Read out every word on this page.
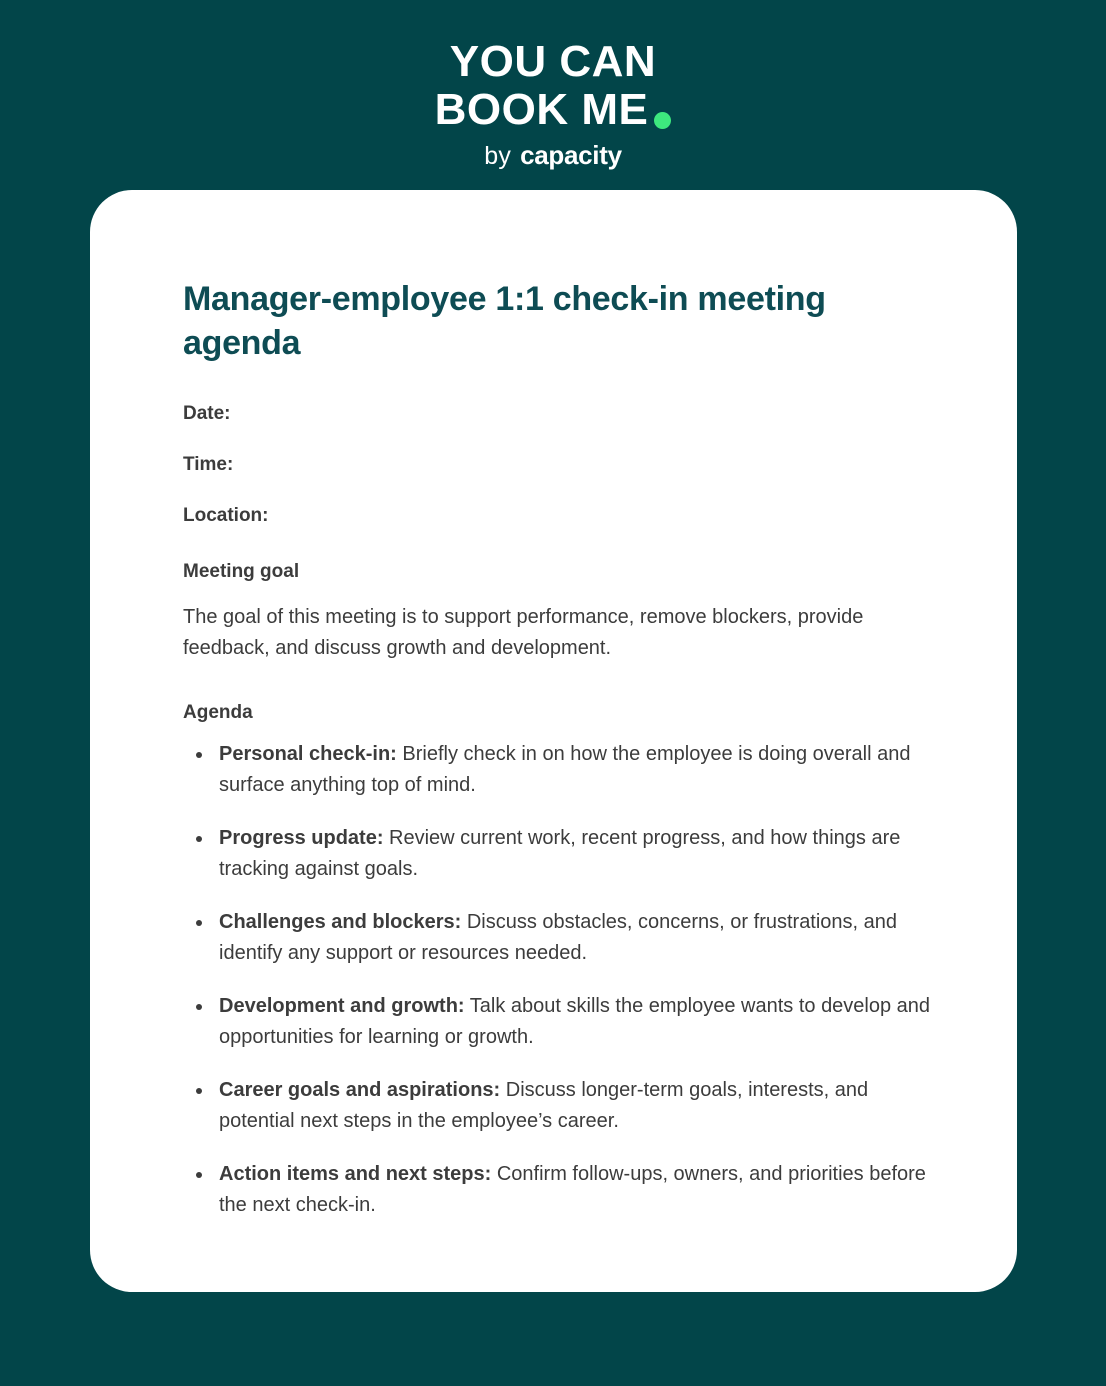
YOU CAN
BOOK ME
by capacity
Manager-employee 1:1 check-in meeting agenda

Date:

Time:

Location:

Meeting goal

The goal of this meeting is to support performance, remove blockers, provide feedback, and discuss growth and development.

Agenda
Personal check-in: Briefly check in on how the employee is doing overall and surface anything top of mind.
Progress update: Review current work, recent progress, and how things are tracking against goals.
Challenges and blockers: Discuss obstacles, concerns, or frustrations, and identify any support or resources needed.
Development and growth: Talk about skills the employee wants to develop and opportunities for learning or growth.
Career goals and aspirations: Discuss longer-term goals, interests, and potential next steps in the employee’s career.
Action items and next steps: Confirm follow-ups, owners, and priorities before the next check-in.
